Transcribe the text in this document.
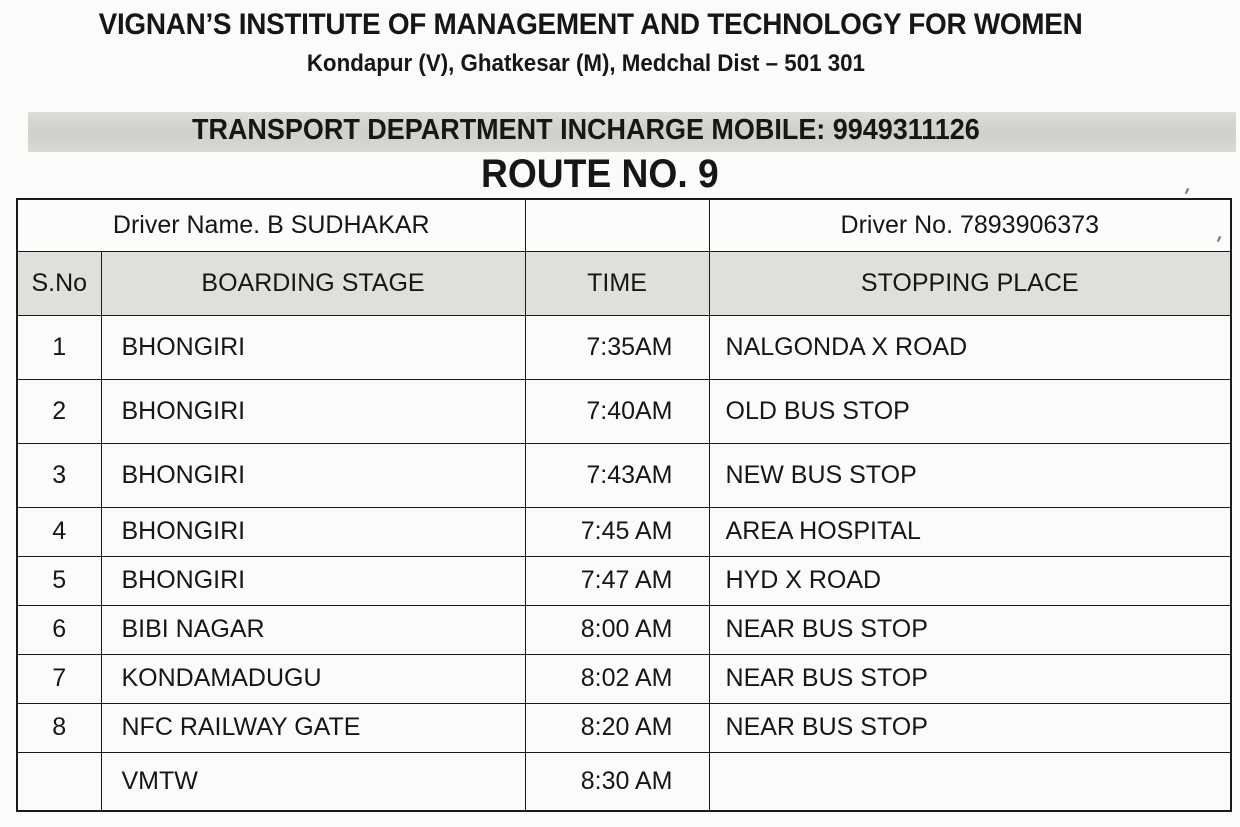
VIGNAN’S INSTITUTE OF MANAGEMENT AND TECHNOLOGY FOR WOMEN
Kondapur (V), Ghatkesar (M), Medchal Dist – 501 301
TRANSPORT DEPARTMENT INCHARGE MOBILE: 9949311126
ROUTE NO. 9
Driver Name. B SUDHAKAR			Driver No. 7893906373
S.No	BOARDING STAGE	TIME	STOPPING PLACE
1	BHONGIRI	7:35AM	NALGONDA X ROAD
2	BHONGIRI	7:40AM	OLD BUS STOP
3	BHONGIRI	7:43AM	NEW BUS STOP
4	BHONGIRI	7:45 AM	AREA HOSPITAL
5	BHONGIRI	7:47 AM	HYD X ROAD
6	BIBI NAGAR	8:00 AM	NEAR BUS STOP
7	KONDAMADUGU	8:02 AM	NEAR BUS STOP
8	NFC RAILWAY GATE	8:20 AM	NEAR BUS STOP
	VMTW	8:30 AM	
